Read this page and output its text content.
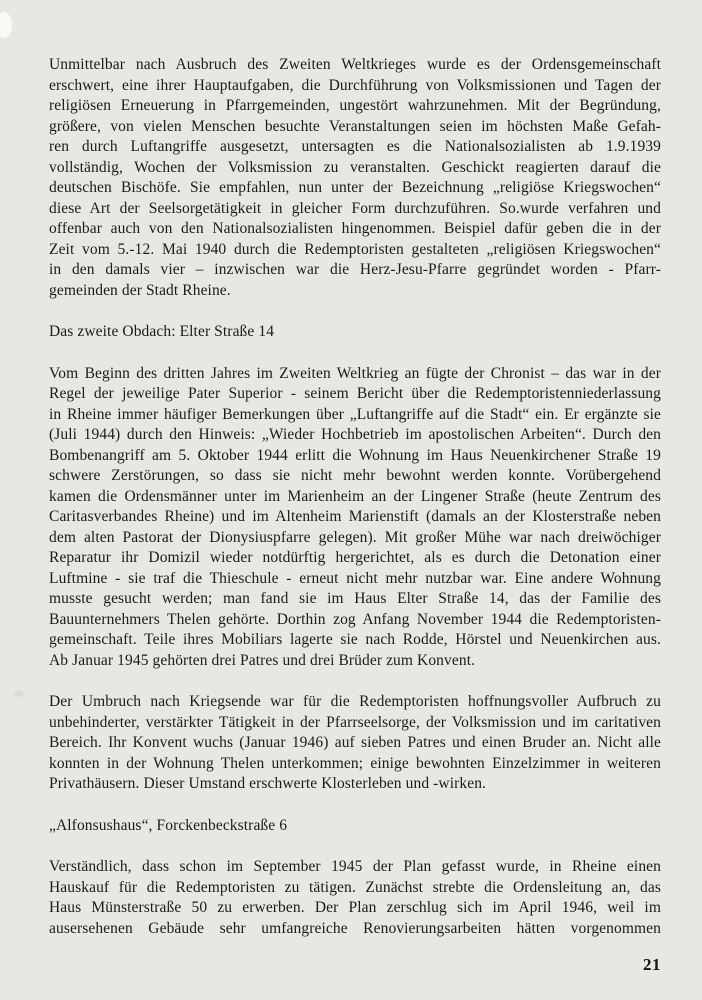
Unmittelbar nach Ausbruch des Zweiten Weltkrieges wurde es der Ordensgemeinschaft
erschwert, eine ihrer Hauptaufgaben, die Durchführung von Volksmissionen und Tagen der
religiösen Erneuerung in Pfarrgemeinden, ungestört wahrzunehmen. Mit der Begründung,
größere, von vielen Menschen besuchte Veranstaltungen seien im höchsten Maße Gefah-
ren durch Luftangriffe ausgesetzt, untersagten es die Nationalsozialisten ab 1.9.1939
vollständig, Wochen der Volksmission zu veranstalten. Geschickt reagierten darauf die
deutschen Bischöfe. Sie empfahlen, nun unter der Bezeichnung „religiöse Kriegswochen“
diese Art der Seelsorgetätigkeit in gleicher Form durchzuführen. So.wurde verfahren und
offenbar auch von den Nationalsozialisten hingenommen. Beispiel dafür geben die in der
Zeit vom 5.-12. Mai 1940 durch die Redemptoristen gestalteten „religiösen Kriegswochen“
in den damals vier – inzwischen war die Herz-Jesu-Pfarre gegründet worden - Pfarr-
gemeinden der Stadt Rheine.
Das zweite Obdach: Elter Straße 14
Vom Beginn des dritten Jahres im Zweiten Weltkrieg an fügte der Chronist – das war in der
Regel der jeweilige Pater Superior - seinem Bericht über die Redemptoristenniederlassung
in Rheine immer häufiger Bemerkungen über „Luftangriffe auf die Stadt“ ein. Er ergänzte sie
(Juli 1944) durch den Hinweis: „Wieder Hochbetrieb im apostolischen Arbeiten“. Durch den
Bombenangriff am 5. Oktober 1944 erlitt die Wohnung im Haus Neuenkirchener Straße 19
schwere Zerstörungen, so dass sie nicht mehr bewohnt werden konnte. Vorübergehend
kamen die Ordensmänner unter im Marienheim an der Lingener Straße (heute Zentrum des
Caritasverbandes Rheine) und im Altenheim Marienstift (damals an der Klosterstraße neben
dem alten Pastorat der Dionysiuspfarre gelegen). Mit großer Mühe war nach dreiwöchiger
Reparatur ihr Domizil wieder notdürftig hergerichtet, als es durch die Detonation einer
Luftmine - sie traf die Thieschule - erneut nicht mehr nutzbar war. Eine andere Wohnung
musste gesucht werden; man fand sie im Haus Elter Straße 14, das der Familie des
Bauunternehmers Thelen gehörte. Dorthin zog Anfang November 1944 die Redemptoristen-
gemeinschaft. Teile ihres Mobiliars lagerte sie nach Rodde, Hörstel und Neuenkirchen aus.
Ab Januar 1945 gehörten drei Patres und drei Brüder zum Konvent.
Der Umbruch nach Kriegsende war für die Redemptoristen hoffnungsvoller Aufbruch zu
unbehinderter, verstärkter Tätigkeit in der Pfarrseelsorge, der Volksmission und im caritativen
Bereich. Ihr Konvent wuchs (Januar 1946) auf sieben Patres und einen Bruder an. Nicht alle
konnten in der Wohnung Thelen unterkommen; einige bewohnten Einzelzimmer in weiteren
Privathäusern. Dieser Umstand erschwerte Klosterleben und -wirken.
„Alfonsushaus“, Forckenbeckstraße 6
Verständlich, dass schon im September 1945 der Plan gefasst wurde, in Rheine einen
Hauskauf für die Redemptoristen zu tätigen. Zunächst strebte die Ordensleitung an, das
Haus Münsterstraße 50 zu erwerben. Der Plan zerschlug sich im April 1946, weil im
ausersehenen Gebäude sehr umfangreiche Renovierungsarbeiten hätten vorgenommen
21
